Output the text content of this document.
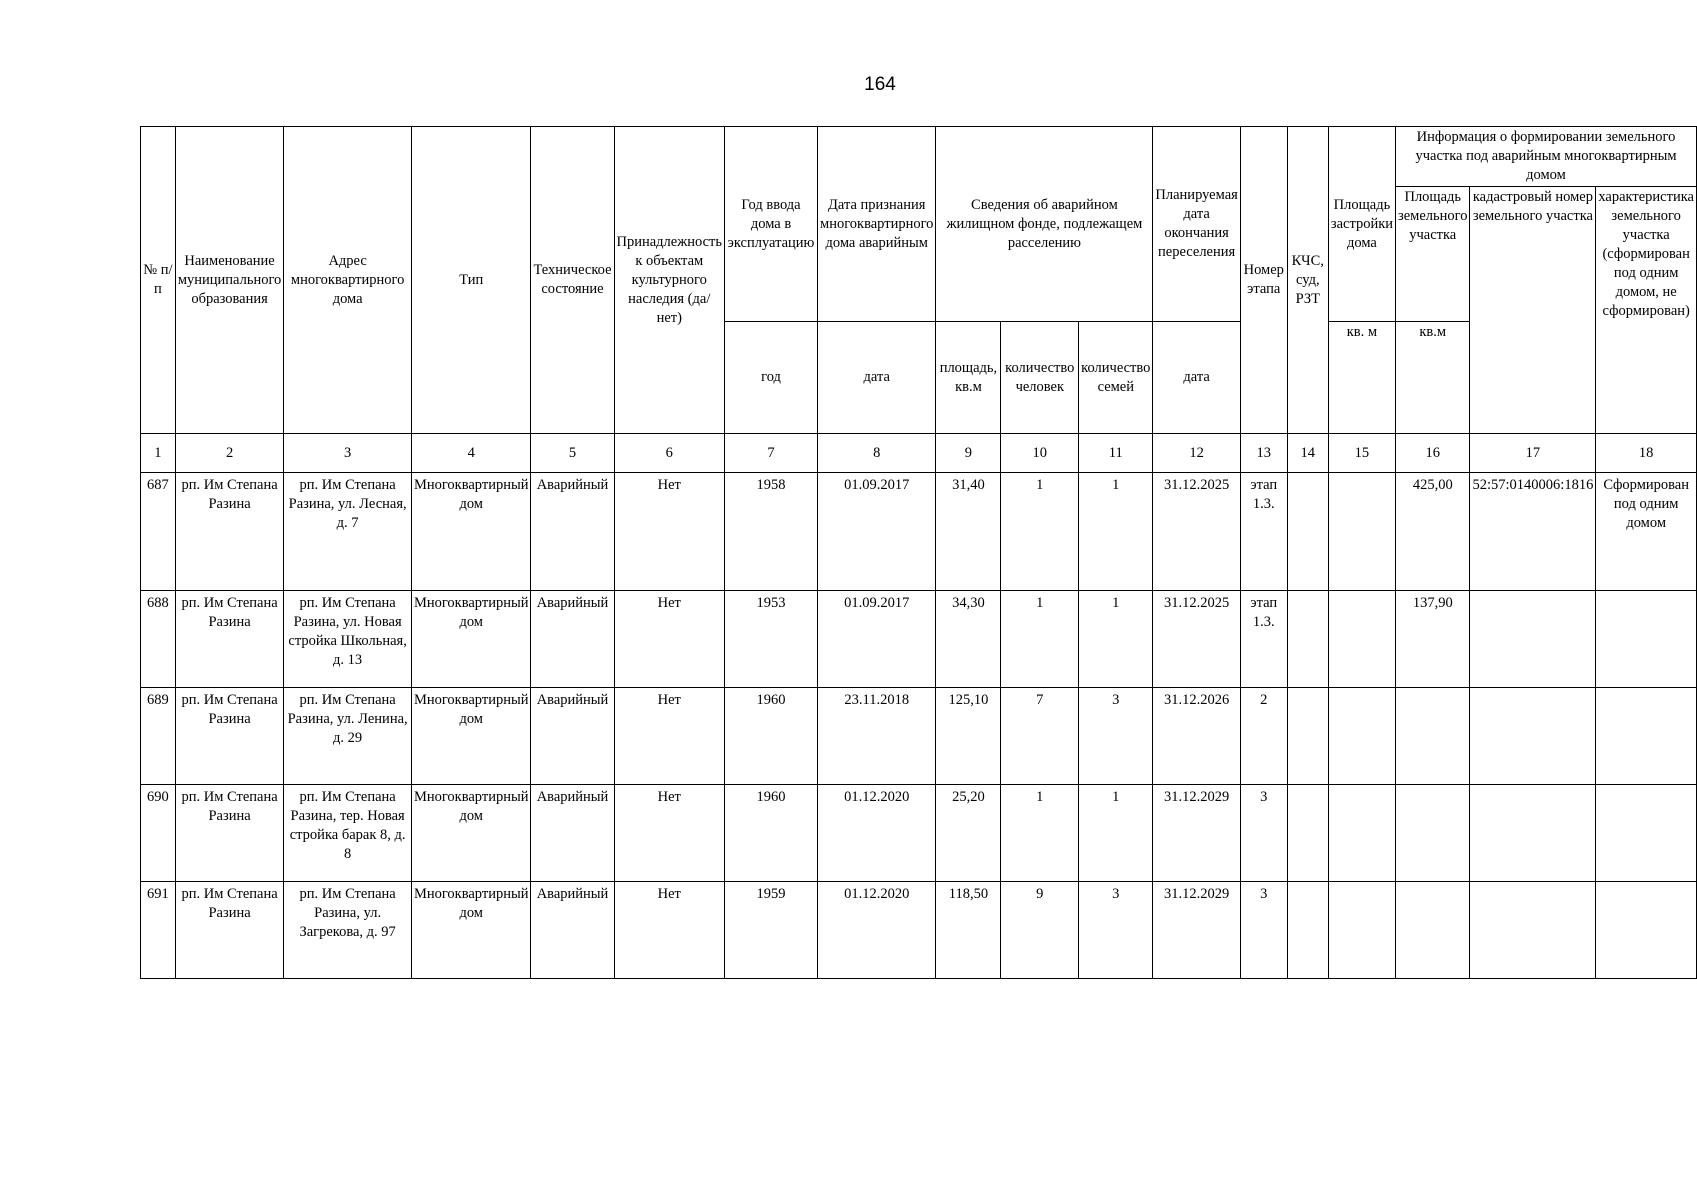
164
№ п/п	Наименование муниципального образования	Адрес многоквартирного дома	Тип	Техническое состояние	Принадлежность к объектам культурного наследия (да/нет)	Год ввода дома в эксплуатацию	Дата признания многоквартирного дома аварийным	Сведения об аварийном жилищном фонде, подлежащем расселению			Планируемая дата окончания переселения	Номер этапа	КЧС, суд, РЗТ	Площадь застройки дома	Информация о формировании земельного участка под аварийным многоквартирным домом		
															Площадь земельного участка	кадастровый номер земельного участка	характеристика земельного участка (сформирован под одним домом, не сформирован)
						год	дата	площадь, кв.м	количество человек	количество семей	дата			кв. м	кв.м		
1	2	3	4	5	6	7	8	9	10	11	12	13	14	15	16	17	18
687	рп. Им Степана Разина	рп. Им Степана Разина, ул. Лесная, д. 7	Многоквартирный дом	Аварийный	Нет	1958	01.09.2017	31,40	1	1	31.12.2025	этап 1.3.			425,00	52:57:0140006:1816	Сформирован под одним домом
688	рп. Им Степана Разина	рп. Им Степана Разина, ул. Новая стройка Школьная, д. 13	Многоквартирный дом	Аварийный	Нет	1953	01.09.2017	34,30	1	1	31.12.2025	этап 1.3.			137,90		
689	рп. Им Степана Разина	рп. Им Степана Разина, ул. Ленина, д. 29	Многоквартирный дом	Аварийный	Нет	1960	23.11.2018	125,10	7	3	31.12.2026	2					
690	рп. Им Степана Разина	рп. Им Степана Разина, тер. Новая стройка барак 8, д. 8	Многоквартирный дом	Аварийный	Нет	1960	01.12.2020	25,20	1	1	31.12.2029	3					
691	рп. Им Степана Разина	рп. Им Степана Разина, ул. Загрекова, д. 97	Многоквартирный дом	Аварийный	Нет	1959	01.12.2020	118,50	9	3	31.12.2029	3					
